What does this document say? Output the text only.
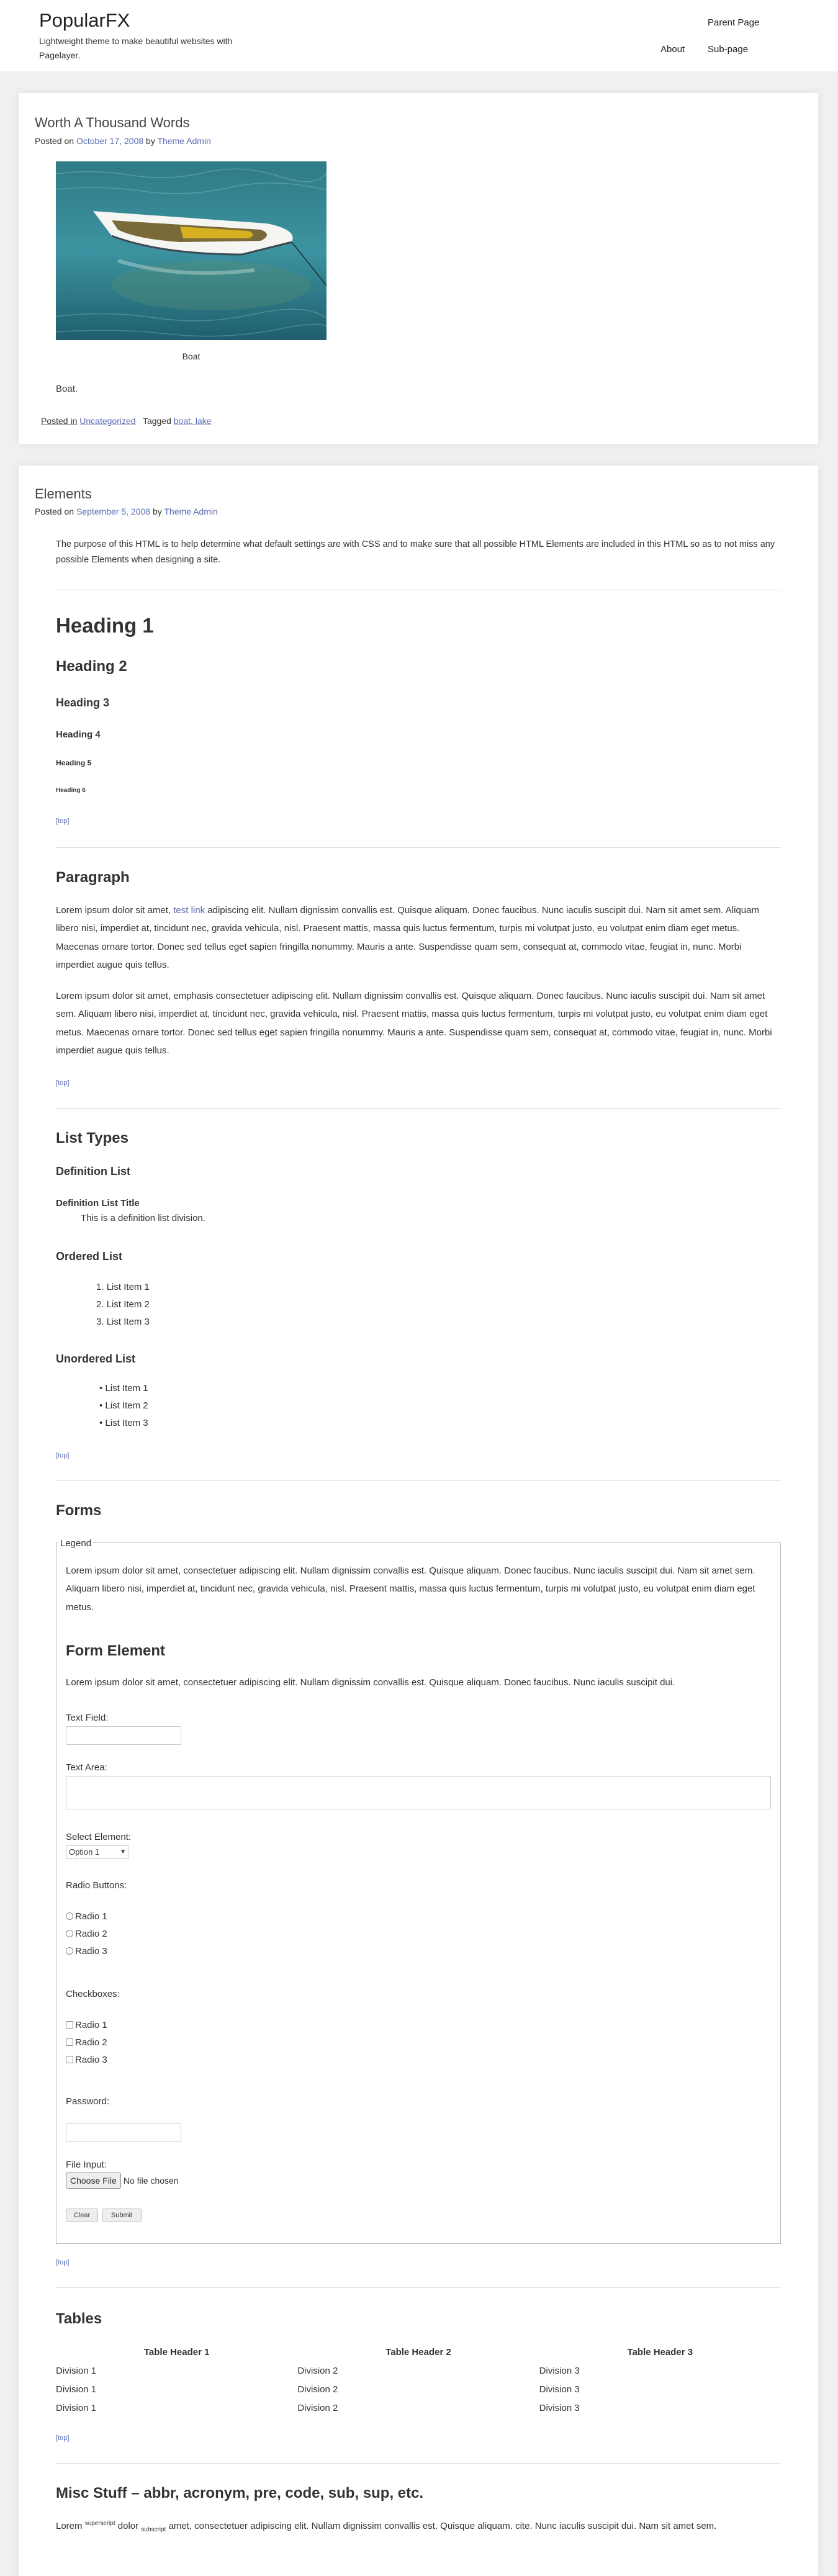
PopularFX
Lightweight theme to make beautiful websites with Pagelayer.
Parent Page
About Sub-page
Worth A Thousand Words
Posted on October 17, 2008 by Theme Admin
Boat
Boat.
Posted in Uncategorized Tagged boat, lake
Elements
Posted on September 5, 2008 by Theme Admin
The purpose of this HTML is to help determine what default settings are with CSS and to make sure that all possible HTML Elements are included in this HTML so as to not miss any possible Elements when designing a site.
Heading 1
Heading 2
Heading 3
Heading 4
Heading 5
Heading 6
[top]
Paragraph
Lorem ipsum dolor sit amet, test link adipiscing elit. Nullam dignissim convallis est. Quisque aliquam. Donec faucibus. Nunc iaculis suscipit dui. Nam sit amet sem. Aliquam libero nisi, imperdiet at, tincidunt nec, gravida vehicula, nisl. Praesent mattis, massa quis luctus fermentum, turpis mi volutpat justo, eu volutpat enim diam eget metus. Maecenas ornare tortor. Donec sed tellus eget sapien fringilla nonummy. Mauris a ante. Suspendisse quam sem, consequat at, commodo vitae, feugiat in, nunc. Morbi imperdiet augue quis tellus.
Lorem ipsum dolor sit amet, emphasis consectetuer adipiscing elit. Nullam dignissim convallis est. Quisque aliquam. Donec faucibus. Nunc iaculis suscipit dui. Nam sit amet sem. Aliquam libero nisi, imperdiet at, tincidunt nec, gravida vehicula, nisl. Praesent mattis, massa quis luctus fermentum, turpis mi volutpat justo, eu volutpat enim diam eget metus. Maecenas ornare tortor. Donec sed tellus eget sapien fringilla nonummy. Mauris a ante. Suspendisse quam sem, consequat at, commodo vitae, feugiat in, nunc. Morbi imperdiet augue quis tellus.
[top]
List Types
Definition List
Definition List Title
This is a definition list division.
Ordered List
1. List Item 1
2. List Item 2
3. List Item 3
Unordered List
• List Item 1
• List Item 2
• List Item 3
[top]
Forms
Legend
Lorem ipsum dolor sit amet, consectetuer adipiscing elit. Nullam dignissim convallis est. Quisque aliquam. Donec faucibus. Nunc iaculis suscipit dui. Nam sit amet sem. Aliquam libero nisi, imperdiet at, tincidunt nec, gravida vehicula, nisl. Praesent mattis, massa quis luctus fermentum, turpis mi volutpat justo, eu volutpat enim diam eget metus.
Form Element
Lorem ipsum dolor sit amet, consectetuer adipiscing elit. Nullam dignissim convallis est. Quisque aliquam. Donec faucibus. Nunc iaculis suscipit dui.
Text Field:
Text Area:
Select Element:
Option 1	▼
Radio Buttons:
Radio 1
Radio 2
Radio 3
Checkboxes:
Radio 1
Radio 2
Radio 3
Password:
File Input:
Choose File No file chosen
Clear	Submit
[top]
Tables
Table Header 1	Table Header 2	Table Header 3
Division 1	Division 2	Division 3
Division 1	Division 2	Division 3
Division 1	Division 2	Division 3
[top]
Misc Stuff – abbr, acronym, pre, code, sub, sup, etc.
Lorem $^{superscript}$ dolor $_{subscript}$ amet, consectetuer adipiscing elit. Nullam dignissim convallis est. Quisque aliquam. cite. Nunc iaculis suscipit dui. Nam sit amet sem.
